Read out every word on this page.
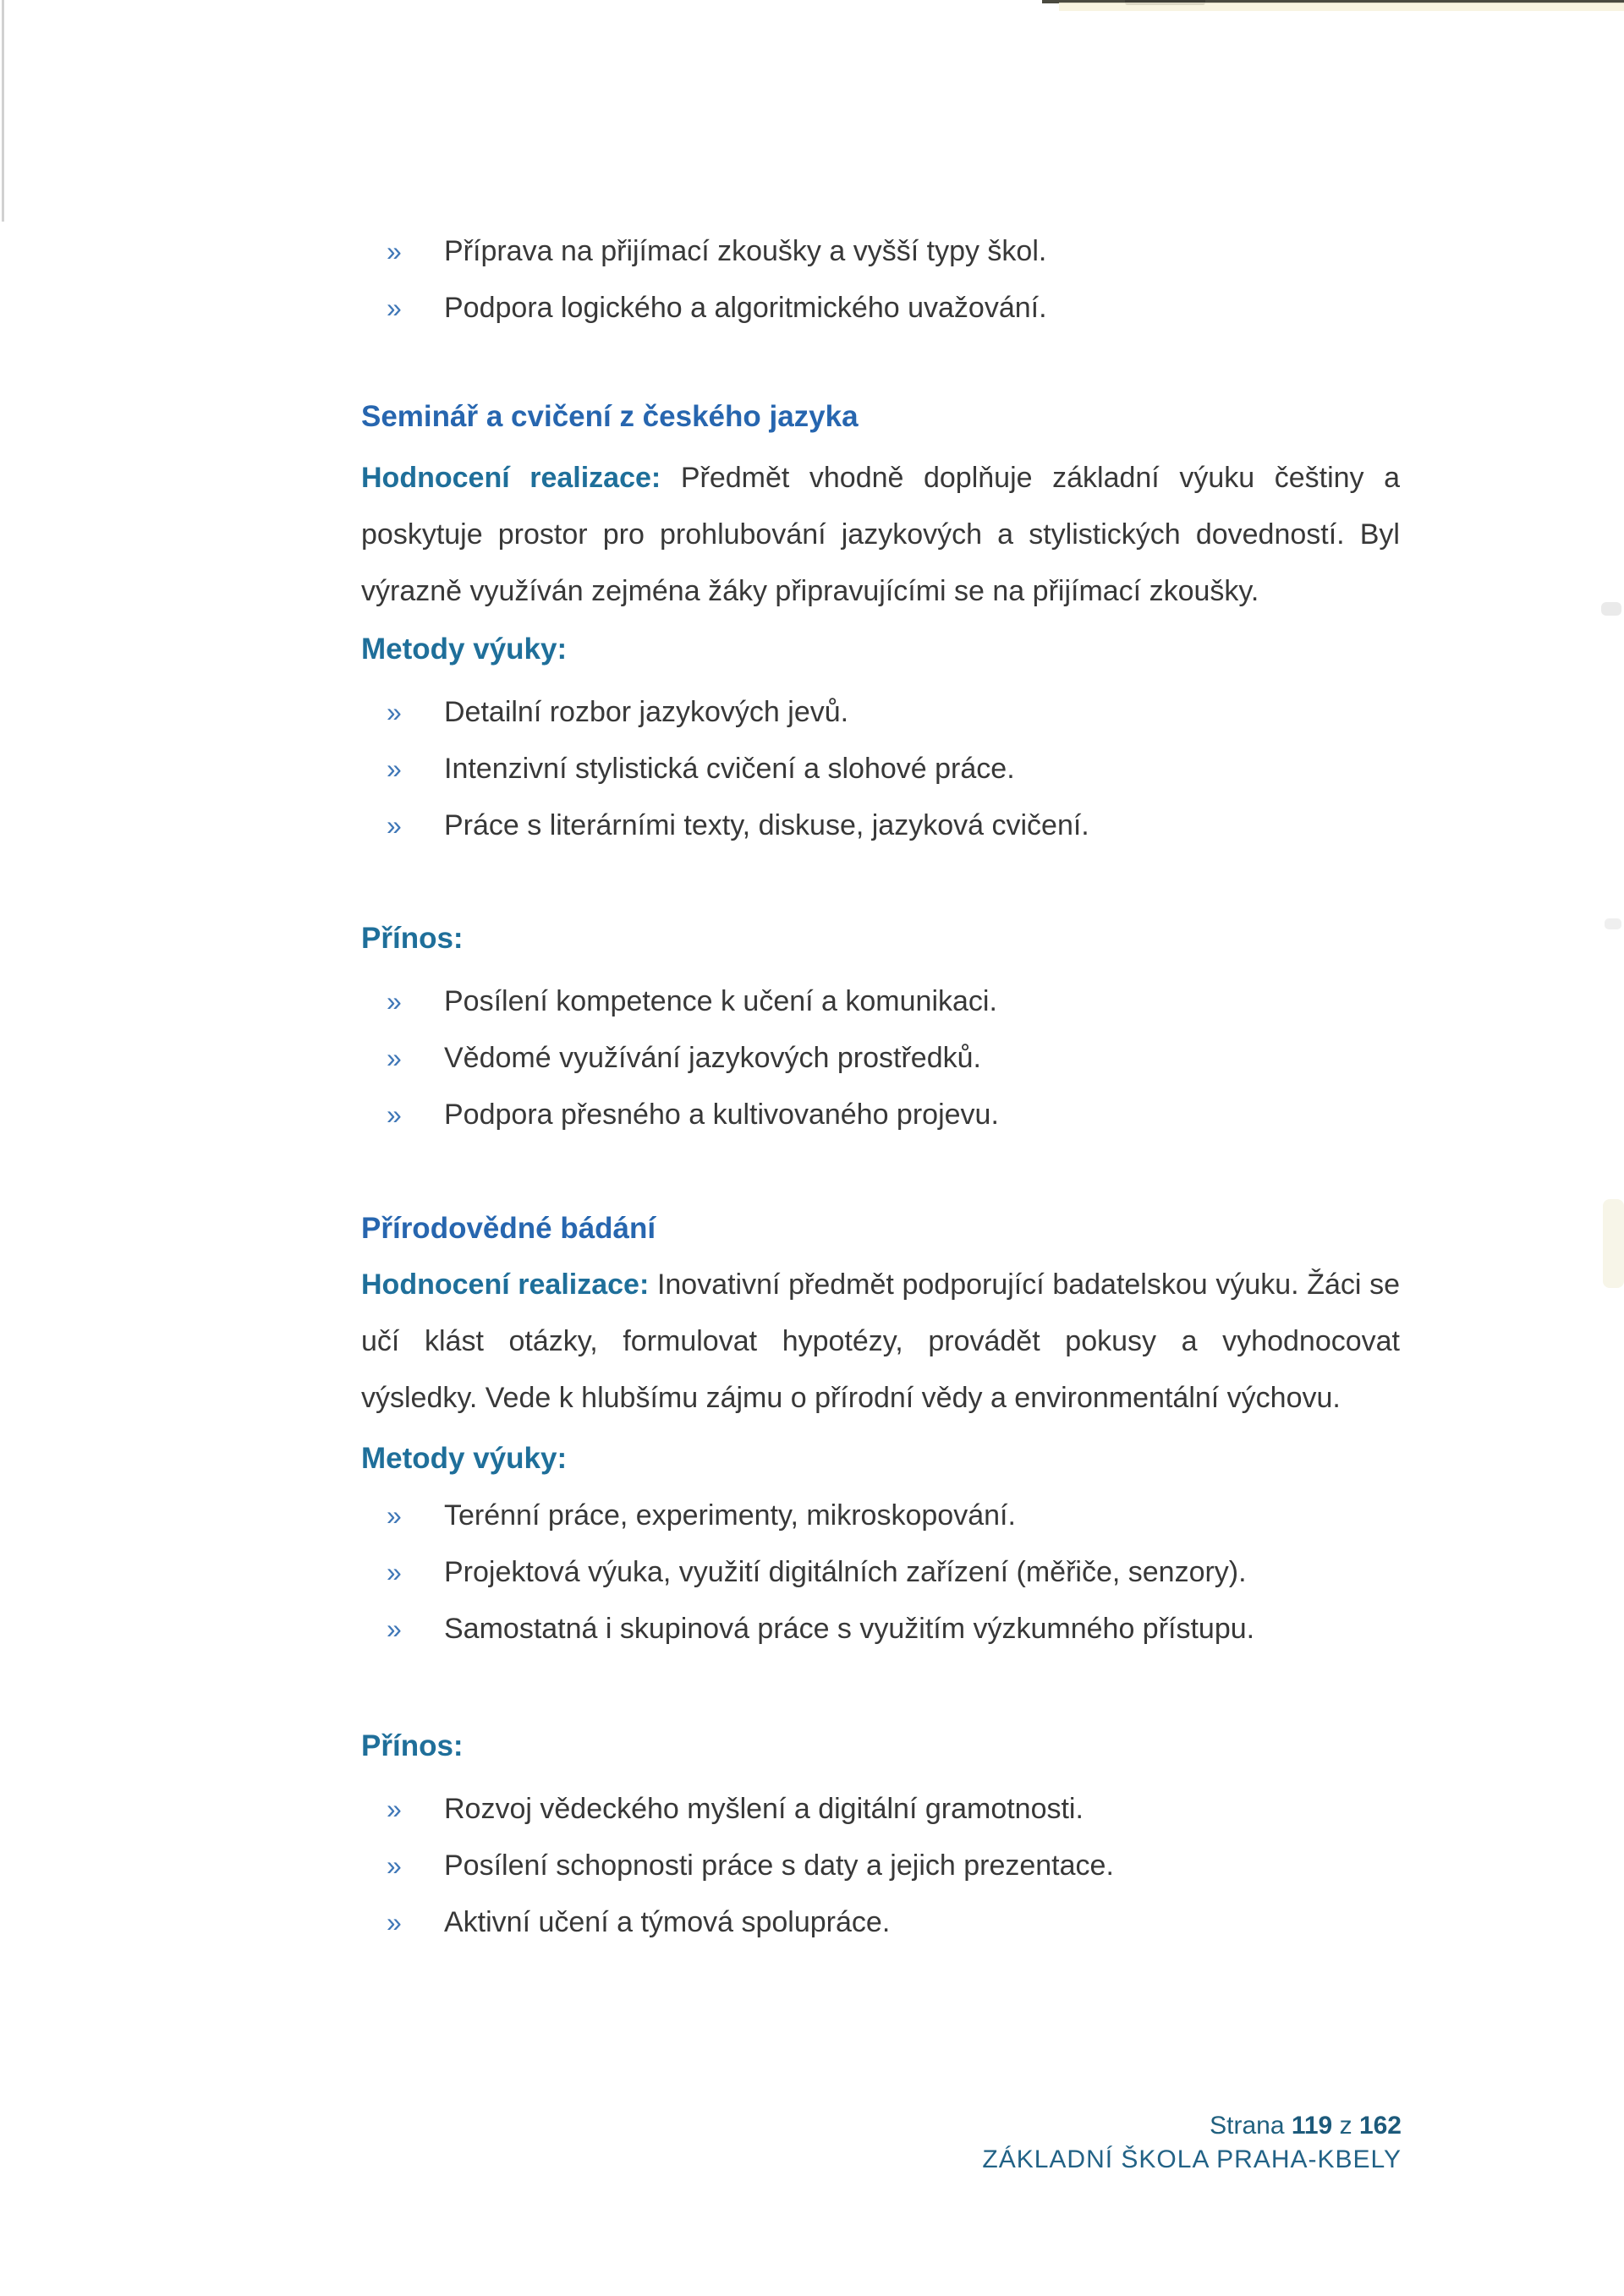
»	Příprava na přijímací zkoušky a vyšší typy škol.
»	Podpora logického a algoritmického uvažování.
Seminář a cvičení z českého jazyka
Hodnocení realizace: Předmět vhodně doplňuje základní výuku češtiny a
poskytuje prostor pro prohlubování jazykových a stylistických dovedností. Byl
výrazně využíván zejména žáky připravujícími se na přijímací zkoušky.
Metody výuky:
»	Detailní rozbor jazykových jevů.
»	Intenzivní stylistická cvičení a slohové práce.
»	Práce s literárními texty, diskuse, jazyková cvičení.
Přínos:
»	Posílení kompetence k učení a komunikaci.
»	Vědomé využívání jazykových prostředků.
»	Podpora přesného a kultivovaného projevu.
Přírodovědné bádání
Hodnocení realizace: Inovativní předmět podporující badatelskou výuku. Žáci se
učí klást otázky, formulovat hypotézy, provádět pokusy a vyhodnocovat
výsledky. Vede k hlubšímu zájmu o přírodní vědy a environmentální výchovu.
Metody výuky:
»	Terénní práce, experimenty, mikroskopování.
»	Projektová výuka, využití digitálních zařízení (měřiče, senzory).
»	Samostatná i skupinová práce s využitím výzkumného přístupu.
Přínos:
»	Rozvoj vědeckého myšlení a digitální gramotnosti.
»	Posílení schopnosti práce s daty a jejich prezentace.
»	Aktivní učení a týmová spolupráce.
Strana 119 z 162
ZÁKLADNÍ ŠKOLA PRAHA-KBELY
